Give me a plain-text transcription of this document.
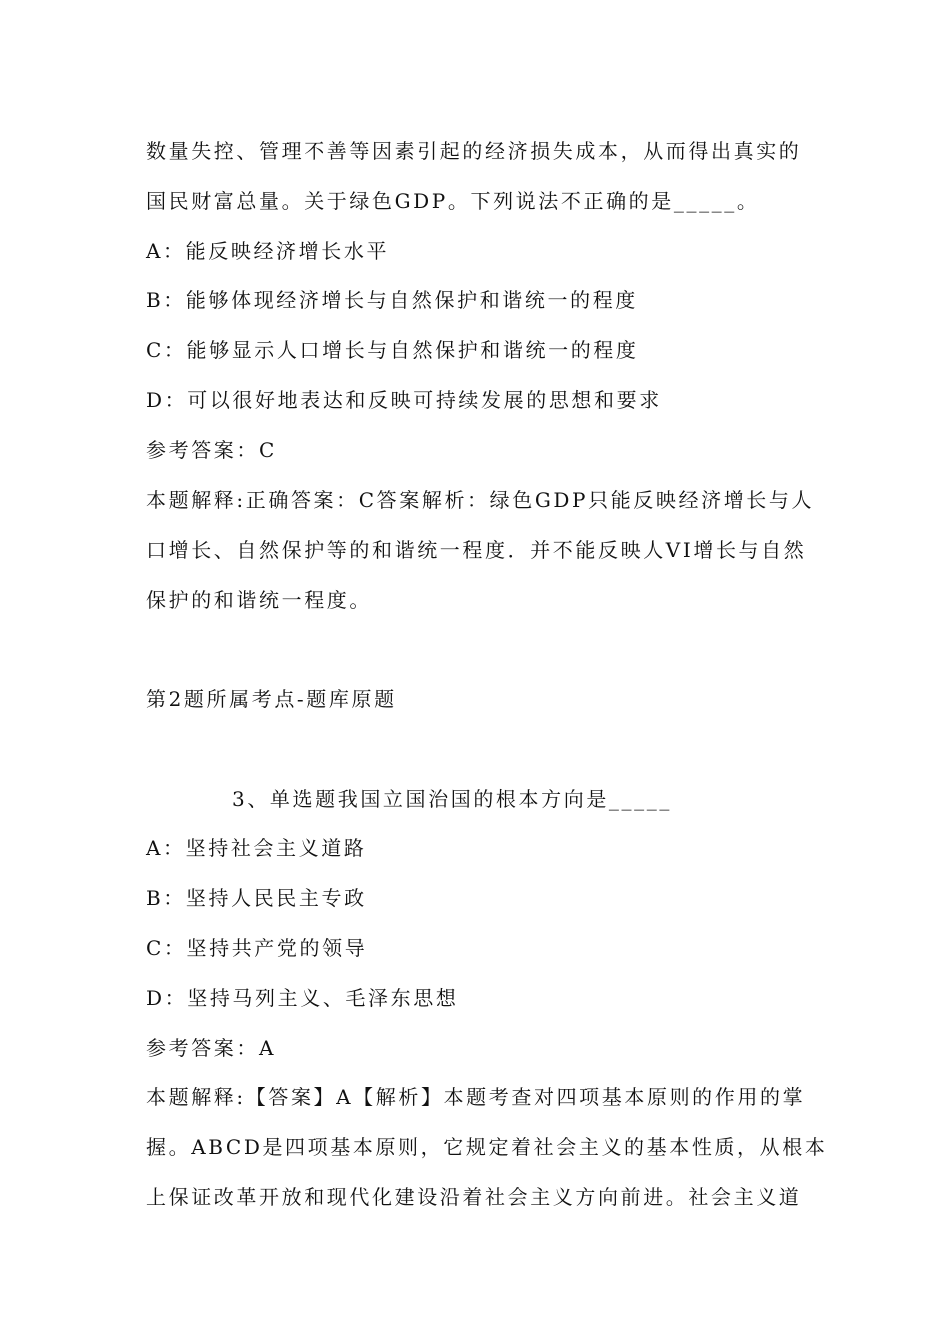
数量失控、管理不善等因素引起的经济损失成本，从而得出真实的
国民财富总量。关于绿色GDP。下列说法不正确的是_____。
A：能反映经济增长水平
B：能够体现经济增长与自然保护和谐统一的程度
C：能够显示人口增长与自然保护和谐统一的程度
D：可以很好地表达和反映可持续发展的思想和要求
参考答案：C
本题解释:正确答案：C答案解析：绿色GDP只能反映经济增长与人
口增长、自然保护等的和谐统一程度．并不能反映人VI增长与自然
保护的和谐统一程度。
第2题所属考点-题库原题
3、单选题我国立国治国的根本方向是_____
A：坚持社会主义道路
B：坚持人民民主专政
C：坚持共产党的领导
D：坚持马列主义、毛泽东思想
参考答案：A
本题解释:【答案】A【解析】本题考查对四项基本原则的作用的掌
握。ABCD是四项基本原则，它规定着社会主义的基本性质，从根本
上保证改革开放和现代化建设沿着社会主义方向前进。社会主义道
